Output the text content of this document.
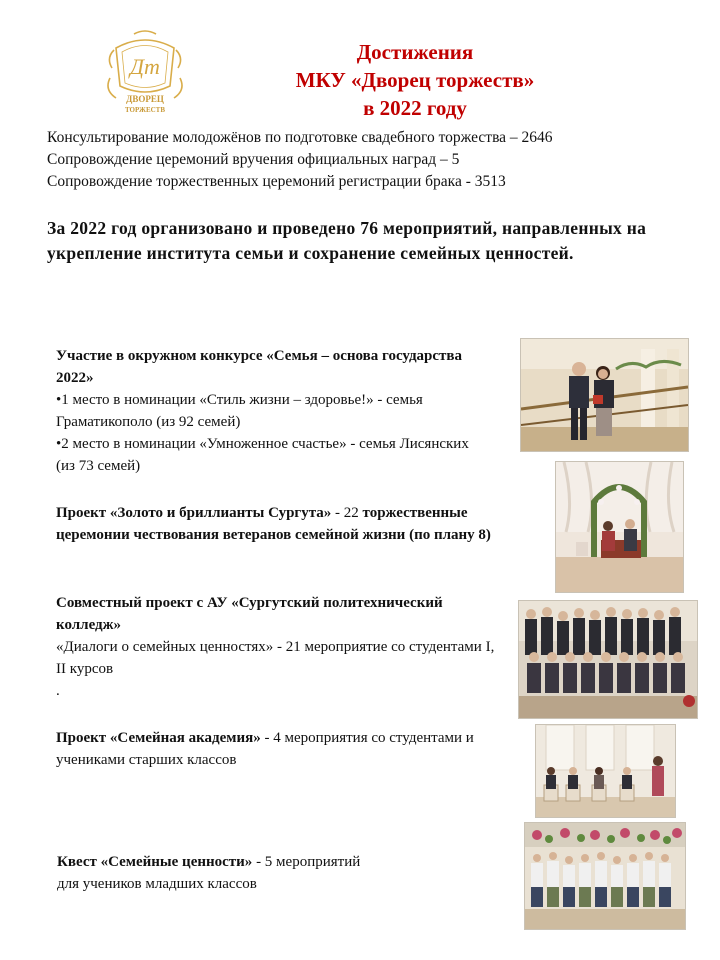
Дт
ДВОРЕЦ
ТОРЖЕСТВ
Достижения
МКУ «Дворец торжеств»
в 2022 году
Консультирование молодожёнов по подготовке свадебного торжества – 2646
Сопровождение церемоний вручения официальных наград – 5
Сопровождение торжественных церемоний регистрации брака - 3513
За 2022 год организовано и проведено 76 мероприятий, направленных на укрепление института семьи и сохранение семейных ценностей.
Участие в окружном конкурсе «Семья – основа государства 2022»
•1 место в номинации «Стиль жизни – здоровье!» - семья Граматикополо (из 92 семей)
•2 место в номинации «Умноженное счастье» - семья Лисянских (из 73 семей)
Проект «Золото и бриллианты Сургута» - 22 торжественные церемонии чествования ветеранов семейной жизни (по плану 8)
Совместный проект с АУ «Сургутский политехнический колледж»
«Диалоги о семейных ценностях» - 21 мероприятие со студентами I, II курсов
.
Проект «Семейная академия» - 4 мероприятия со студентами и учениками старших классов
Квест «Семейные ценности» - 5 мероприятий
для учеников младших классов
